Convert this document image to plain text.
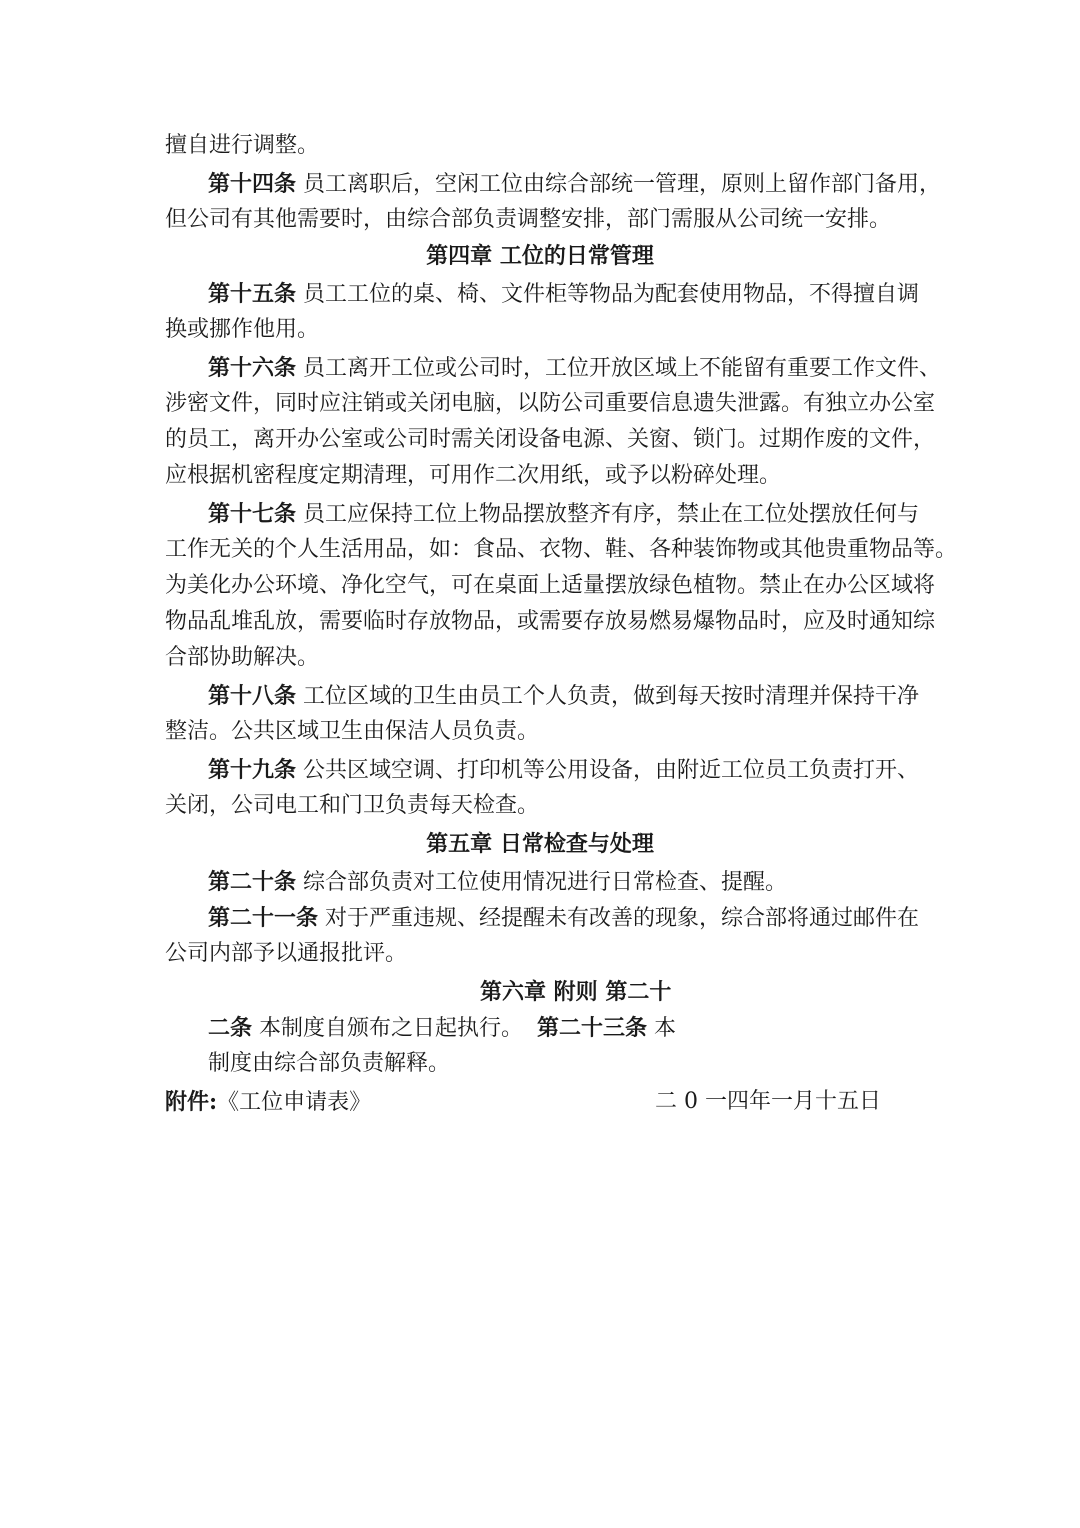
擅自进行调整。
第十四条 员工离职后，空闲工位由综合部统一管理，原则上留作部门备用，
但公司有其他需要时，由综合部负责调整安排，部门需服从公司统一安排。
第四章 工位的日常管理
第十五条 员工工位的桌、椅、文件柜等物品为配套使用物品，不得擅自调
换或挪作他用。
第十六条 员工离开工位或公司时，工位开放区域上不能留有重要工作文件、
涉密文件，同时应注销或关闭电脑，以防公司重要信息遗失泄露。有独立办公室
的员工，离开办公室或公司时需关闭设备电源、关窗、锁门。过期作废的文件，
应根据机密程度定期清理，可用作二次用纸，或予以粉碎处理。
第十七条 员工应保持工位上物品摆放整齐有序，禁止在工位处摆放任何与
工作无关的个人生活用品，如：食品、衣物、鞋、各种装饰物或其他贵重物品等。
为美化办公环境、净化空气，可在桌面上适量摆放绿色植物。禁止在办公区域将
物品乱堆乱放，需要临时存放物品，或需要存放易燃易爆物品时，应及时通知综
合部协助解决。
第十八条 工位区域的卫生由员工个人负责，做到每天按时清理并保持干净
整洁。公共区域卫生由保洁人员负责。
第十九条 公共区域空调、打印机等公用设备，由附近工位员工负责打开、
关闭，公司电工和门卫负责每天检查。
第五章 日常检查与处理
第二十条 综合部负责对工位使用情况进行日常检查、提醒。
第二十一条 对于严重违规、经提醒未有改善的现象，综合部将通过邮件在
公司内部予以通报批评。
第六章 附则 第二十
二条 本制度自颁布之日起执行。  第二十三条 本
制度由综合部负责解释。
附件:《工位申请表》	二 0 一四年一月十五日
